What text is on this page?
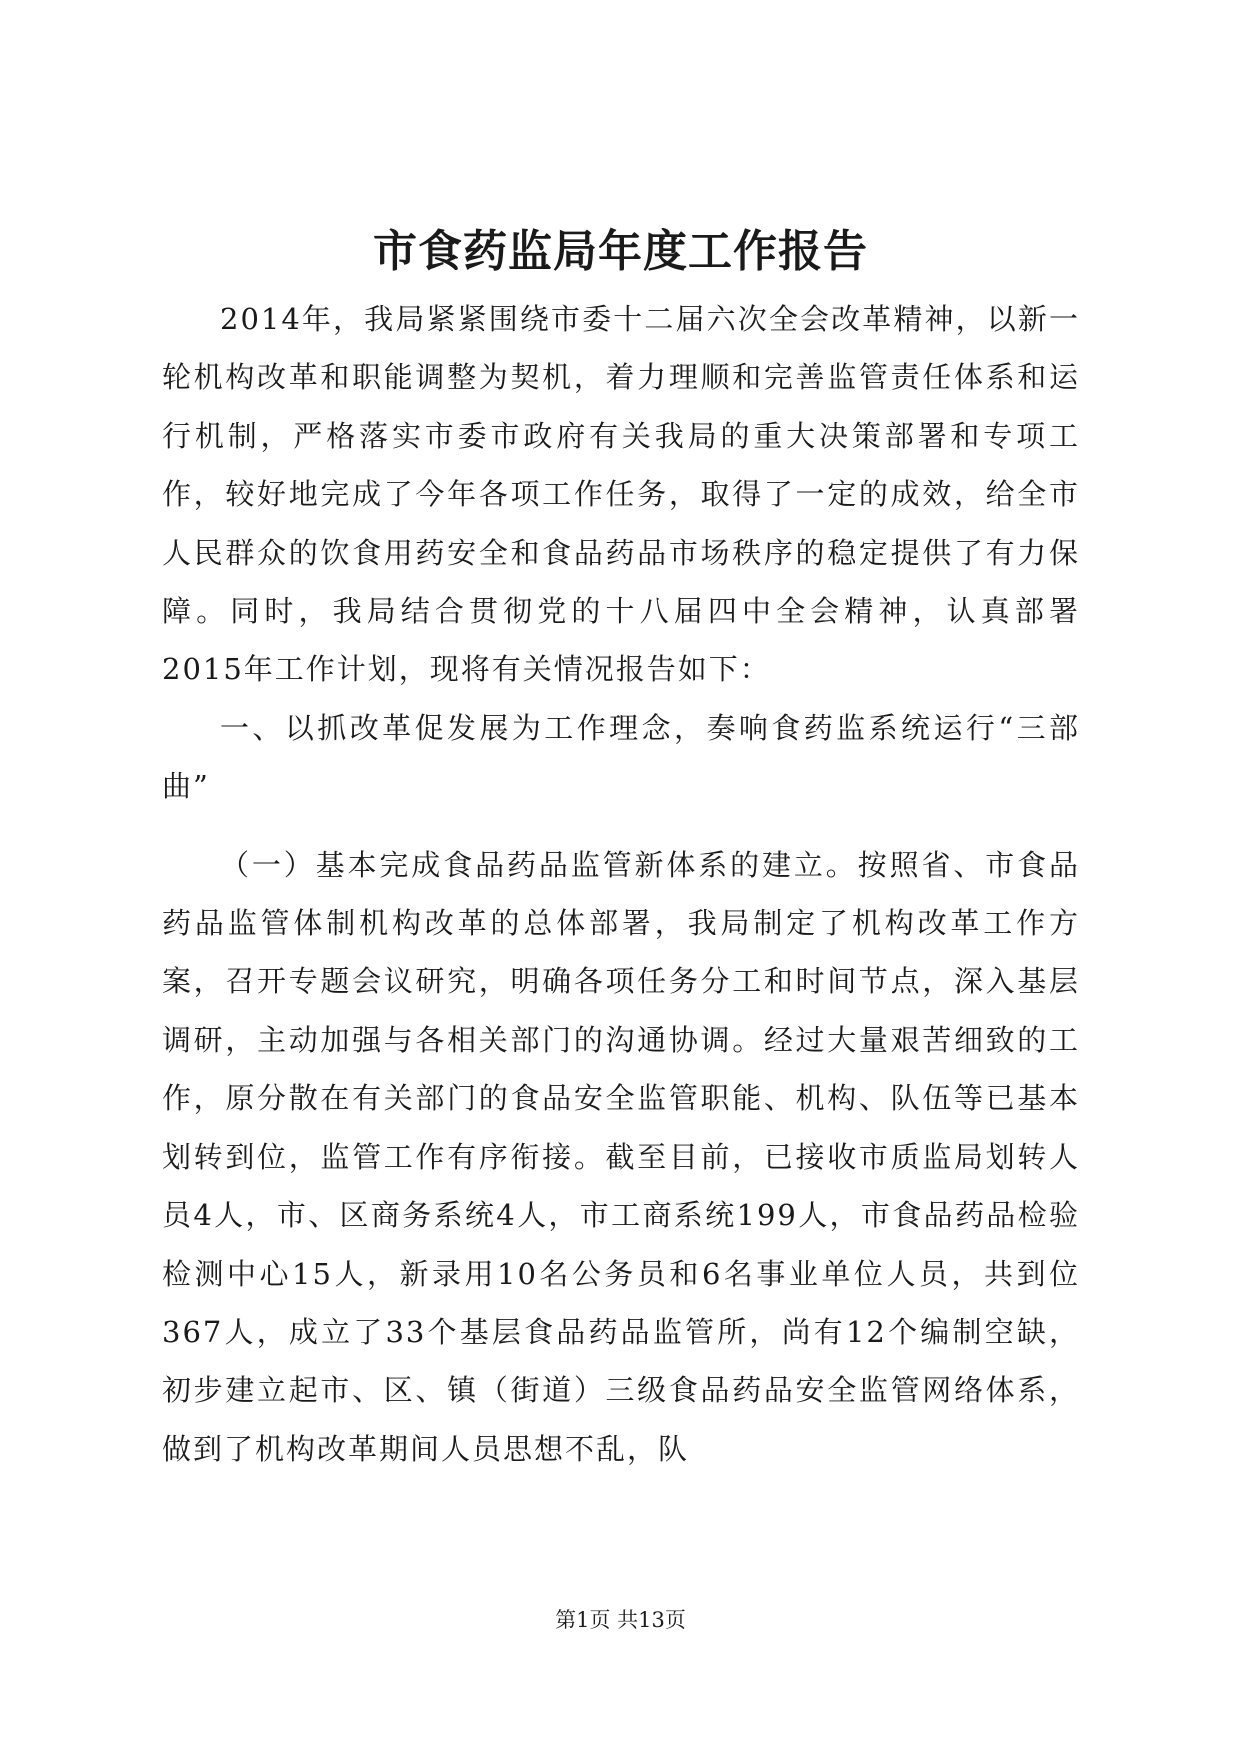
市食药监局年度工作报告

2014年，我局紧紧围绕市委十二届六次全会改革精神，以新一轮机构改革和职能调整为契机，着力理顺和完善监管责任体系和运行机制，严格落实市委市政府有关我局的重大决策部署和专项工作，较好地完成了今年各项工作任务，取得了一定的成效，给全市人民群众的饮食用药安全和食品药品市场秩序的稳定提供了有力保障。同时，我局结合贯彻党的十八届四中全会精神，认真部署2015年工作计划，现将有关情况报告如下：

一、以抓改革促发展为工作理念，奏响食药监系统运行“三部曲”

（一）基本完成食品药品监管新体系的建立。按照省、市食品药品监管体制机构改革的总体部署，我局制定了机构改革工作方案，召开专题会议研究，明确各项任务分工和时间节点，深入基层调研，主动加强与各相关部门的沟通协调。经过大量艰苦细致的工作，原分散在有关部门的食品安全监管职能、机构、队伍等已基本划转到位，监管工作有序衔接。截至目前，已接收市质监局划转人员4人，市、区商务系统4人，市工商系统199人，市食品药品检验检测中心15人，新录用10名公务员和6名事业单位人员，共到位367人，成立了33个基层食品药品监管所，尚有12个编制空缺，初步建立起市、区、镇（街道）三级食品药品安全监管网络体系，做到了机构改革期间人员思想不乱，队

第1页 共13页
